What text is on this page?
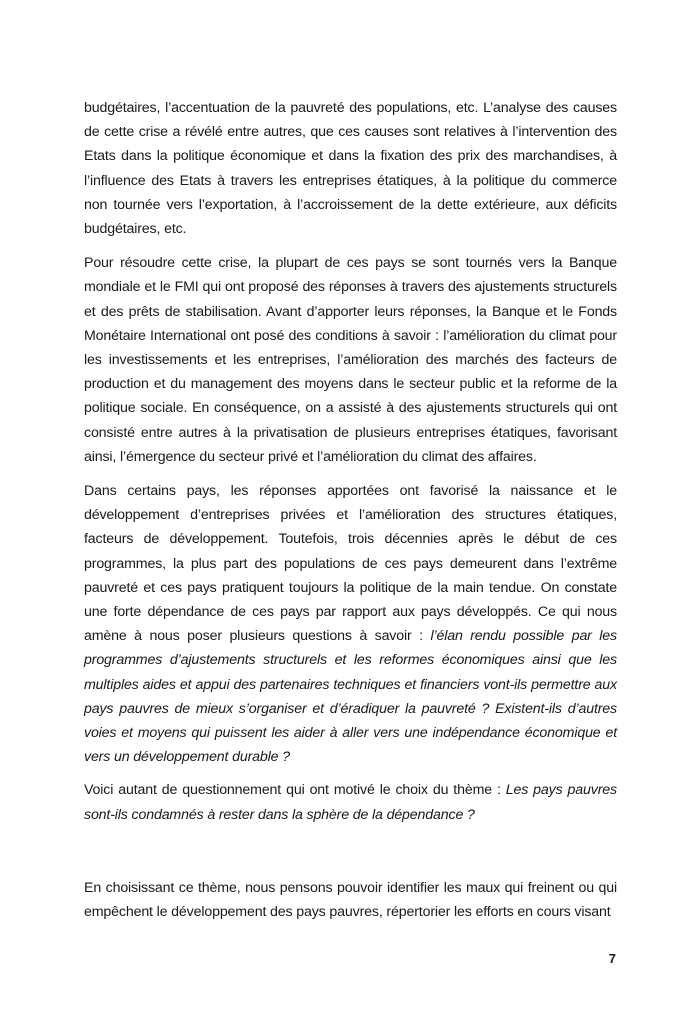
budgétaires, l’accentuation de la pauvreté des populations, etc. L’analyse des causes de cette crise a révélé entre autres, que ces causes sont relatives à l’intervention des Etats dans la politique économique et dans la fixation des prix des marchandises, à l’influence des Etats à travers les entreprises étatiques, à la politique du commerce non tournée vers l’exportation, à l’accroissement de la dette extérieure, aux déficits budgétaires, etc.

Pour résoudre cette crise, la plupart de ces pays se sont tournés vers la Banque mondiale et le FMI qui ont proposé des réponses à travers des ajustements structurels et des prêts de stabilisation. Avant d’apporter leurs réponses, la Banque et le Fonds Monétaire International ont posé des conditions à savoir : l’amélioration du climat pour les investissements et les entreprises, l’amélioration des marchés des facteurs de production et du management des moyens dans le secteur public et la reforme de la politique sociale. En conséquence, on a assisté à des ajustements structurels qui ont consisté entre autres à la privatisation de plusieurs entreprises étatiques, favorisant ainsi, l’émergence du secteur privé et l’amélioration du climat des affaires.

Dans certains pays, les réponses apportées ont favorisé la naissance et le développement d’entreprises privées et l’amélioration des structures étatiques, facteurs de développement. Toutefois, trois décennies après le début de ces programmes, la plus part des populations de ces pays demeurent dans l’extrême pauvreté et ces pays pratiquent toujours la politique de la main tendue. On constate une forte dépendance de ces pays par rapport aux pays développés. Ce qui nous amène à nous poser plusieurs questions à savoir : l’élan rendu possible par les programmes d’ajustements structurels et les reformes économiques ainsi que les multiples aides et appui des partenaires techniques et financiers vont-ils permettre aux pays pauvres de mieux s’organiser et d’éradiquer la pauvreté ? Existent-ils d’autres voies et moyens qui puissent les aider à aller vers une indépendance économique et vers un développement durable ?

Voici autant de questionnement qui ont motivé le choix du thème : Les pays pauvres sont-ils condamnés à rester dans la sphère de la dépendance ?

En choisissant ce thème, nous pensons pouvoir identifier les maux qui freinent ou qui empêchent le développement des pays pauvres, répertorier les efforts en cours visant

7
